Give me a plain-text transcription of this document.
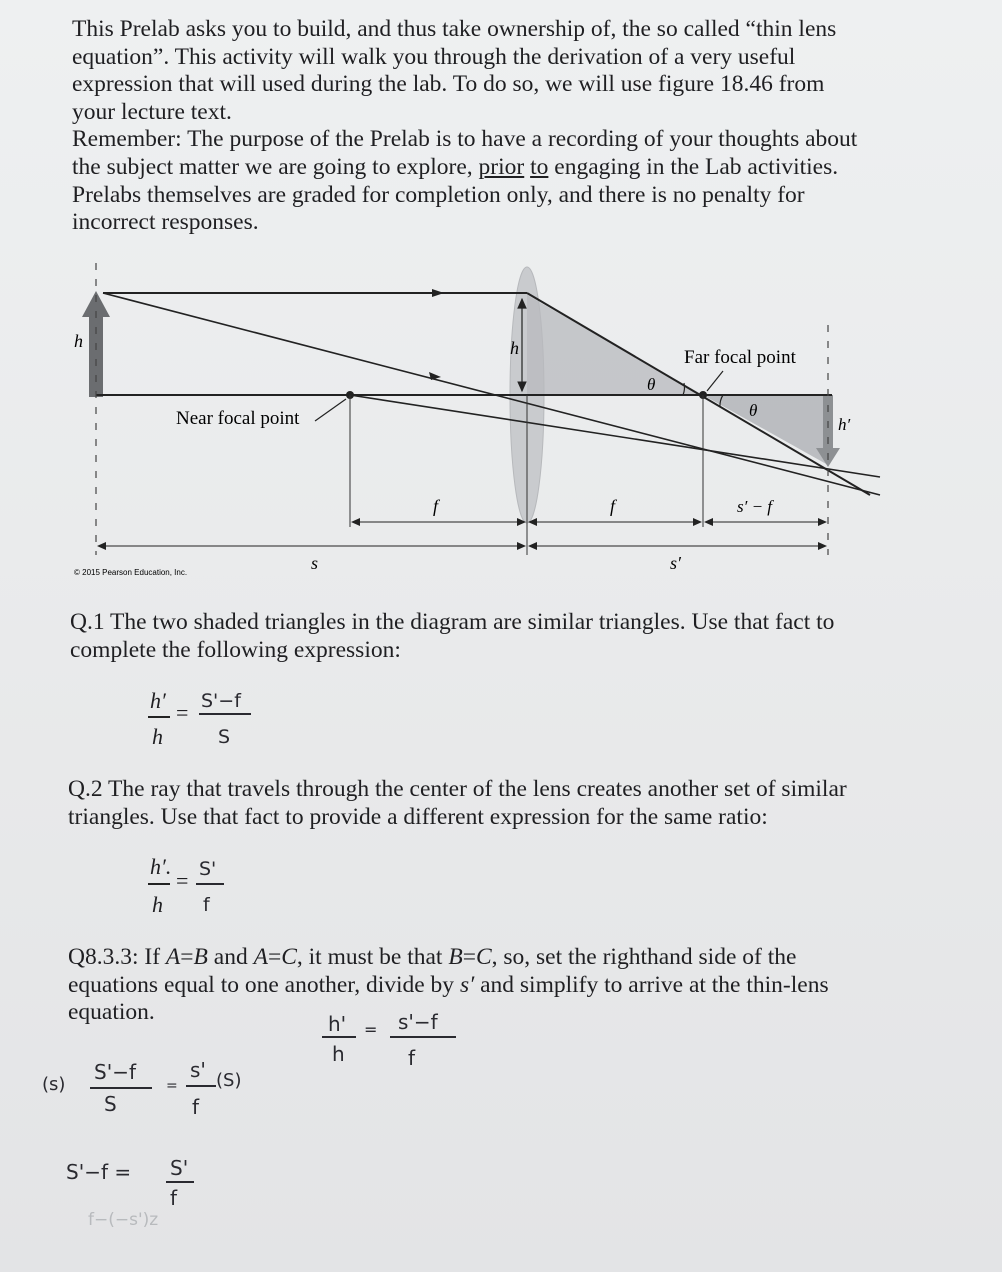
This Prelab asks you to build, and thus take ownership of, the so called “thin lens

equation”. This activity will walk you through the derivation of a very useful

expression that will used during the lab. To do so, we will use figure 18.46 from

your lecture text.

Remember: The purpose of the Prelab is to have a recording of your thoughts about

the subject matter we are going to explore, prior to engaging in the Lab activities.

Prelabs themselves are graded for completion only, and there is no penalty for

incorrect responses.

h	h	Far focal point
Near focal point
θ
θ
h′
f	f	s′ − f
s	s′
© 2015 Pearson Education, Inc.

Q.1 The two shaded triangles in the diagram are similar triangles. Use that fact to

complete the following expression:

h′
h
= S'−f
S

Q.2 The ray that travels through the center of the lens creates another set of similar

triangles. Use that fact to provide a different expression for the same ratio:

h′.
h
= S'
f

Q8.3.3: If A=B and A=C, it must be that B=C, so, set the righthand side of the

equations equal to one another, divide by s′ and simplify to arrive at the thin-lens

equation.	h' = s'−f
h	f
(s)
S'−f
S
=
s'
f
(S)
S'−f = S'
f
f−(−s')z
